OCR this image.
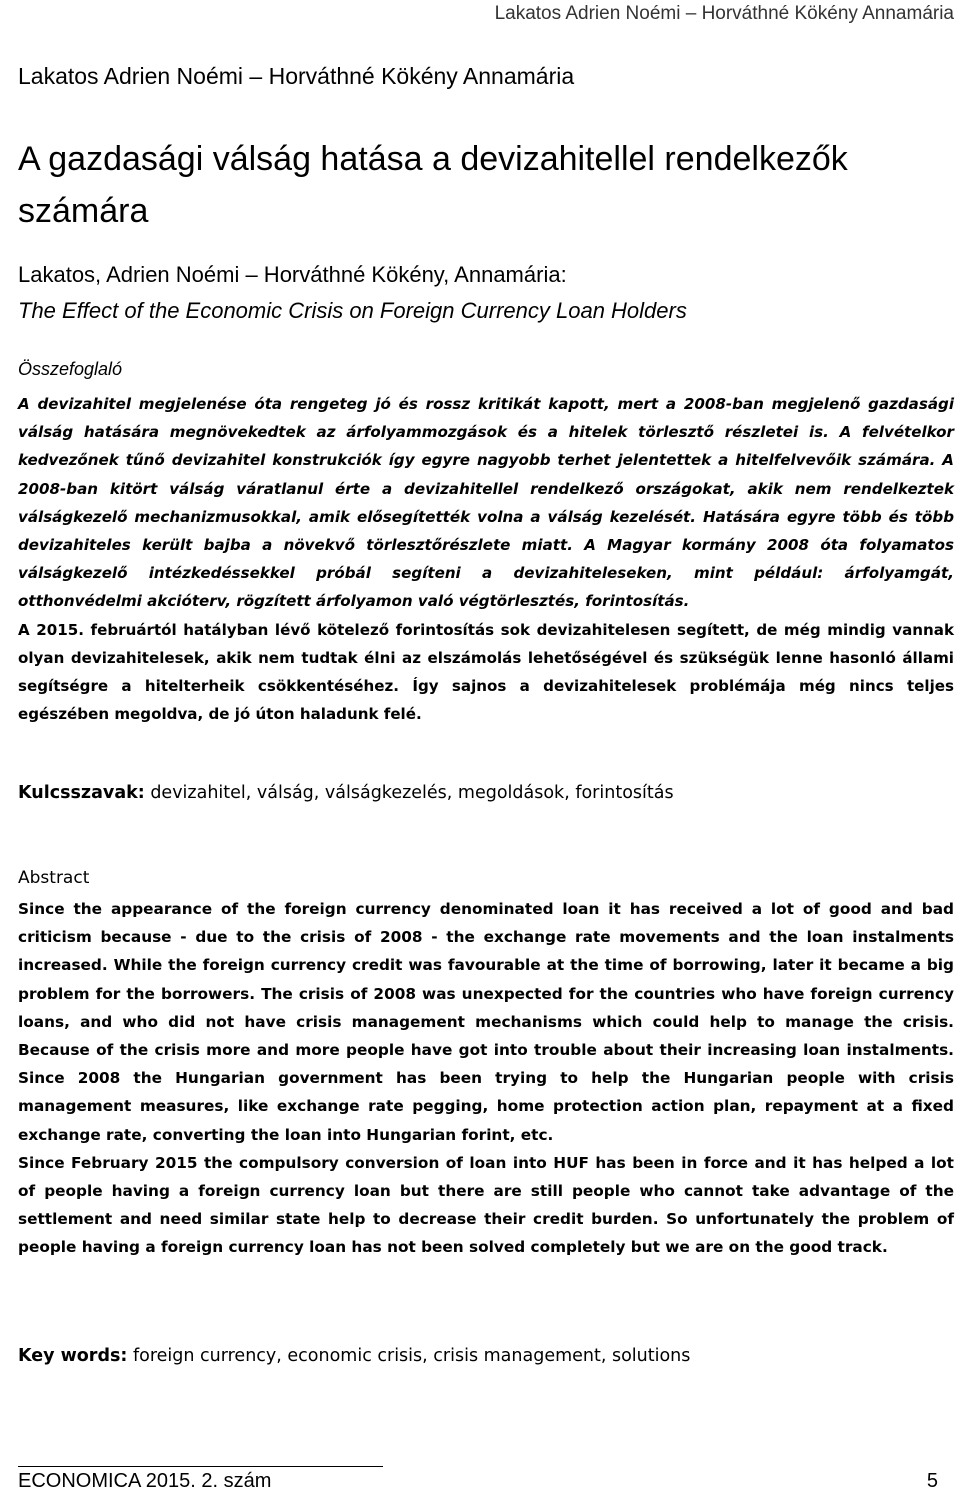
Lakatos Adrien Noémi – Horváthné Kökény Annamária
Lakatos Adrien Noémi – Horváthné Kökény Annamária
A gazdasági válság hatása a devizahitellel rendelkezők számára
Lakatos, Adrien Noémi – Horváthné Kökény, Annamária:
The Effect of the Economic Crisis on Foreign Currency Loan Holders
Összefoglaló
A devizahitel megjelenése óta rengeteg jó és rossz kritikát kapott, mert a 2008-ban megjelenő gazdasági válság hatására megnövekedtek az árfolyammozgások és a hitelek törlesztő részletei is. A felvételkor kedvezőnek tűnő devizahitel konstrukciók így egyre nagyobb terhet jelentettek a hitelfelvevőik számára. A 2008-ban kitört válság váratlanul érte a devizahitellel rendelkező országokat, akik nem rendelkeztek válságkezelő mechanizmusokkal, amik elősegítették volna a válság kezelését. Hatására egyre több és több devizahiteles került bajba a növekvő törlesztőrészlete miatt. A Magyar kormány 2008 óta folyamatos válságkezelő intézkedéssekkel próbál segíteni a devizahiteleseken, mint például: árfolyamgát, otthonvédelmi akcióterv, rögzített árfolyamon való végtörlesztés, forintosítás.
A 2015. februártól hatályban lévő kötelező forintosítás sok devizahitelesen segített, de még mindig vannak olyan devizahitelesek, akik nem tudtak élni az elszámolás lehetőségével és szükségük lenne hasonló állami segítségre a hitelterheik csökkentéséhez. Így sajnos a devizahitelesek problémája még nincs teljes egészében megoldva, de jó úton haladunk felé.
Kulcsszavak: devizahitel, válság, válságkezelés, megoldások, forintosítás
Abstract
Since the appearance of the foreign currency denominated loan it has received a lot of good and bad criticism because - due to the crisis of 2008 - the exchange rate movements and the loan instalments increased. While the foreign currency credit was favourable at the time of borrowing, later it became a big problem for the borrowers. The crisis of 2008 was unexpected for the countries who have foreign currency loans, and who did not have crisis management mechanisms which could help to manage the crisis. Because of the crisis more and more people have got into trouble about their increasing loan instalments. Since 2008 the Hungarian government has been trying to help the Hungarian people with crisis management measures, like exchange rate pegging, home protection action plan, repayment at a fixed exchange rate, converting the loan into Hungarian forint, etc.
Since February 2015 the compulsory conversion of loan into HUF has been in force and it has helped a lot of people having a foreign currency loan but there are still people who cannot take advantage of the settlement and need similar state help to decrease their credit burden. So unfortunately the problem of people having a foreign currency loan has not been solved completely but we are on the good track.
Key words: foreign currency, economic crisis, crisis management, solutions
ECONOMICA 2015. 2. szám	5
